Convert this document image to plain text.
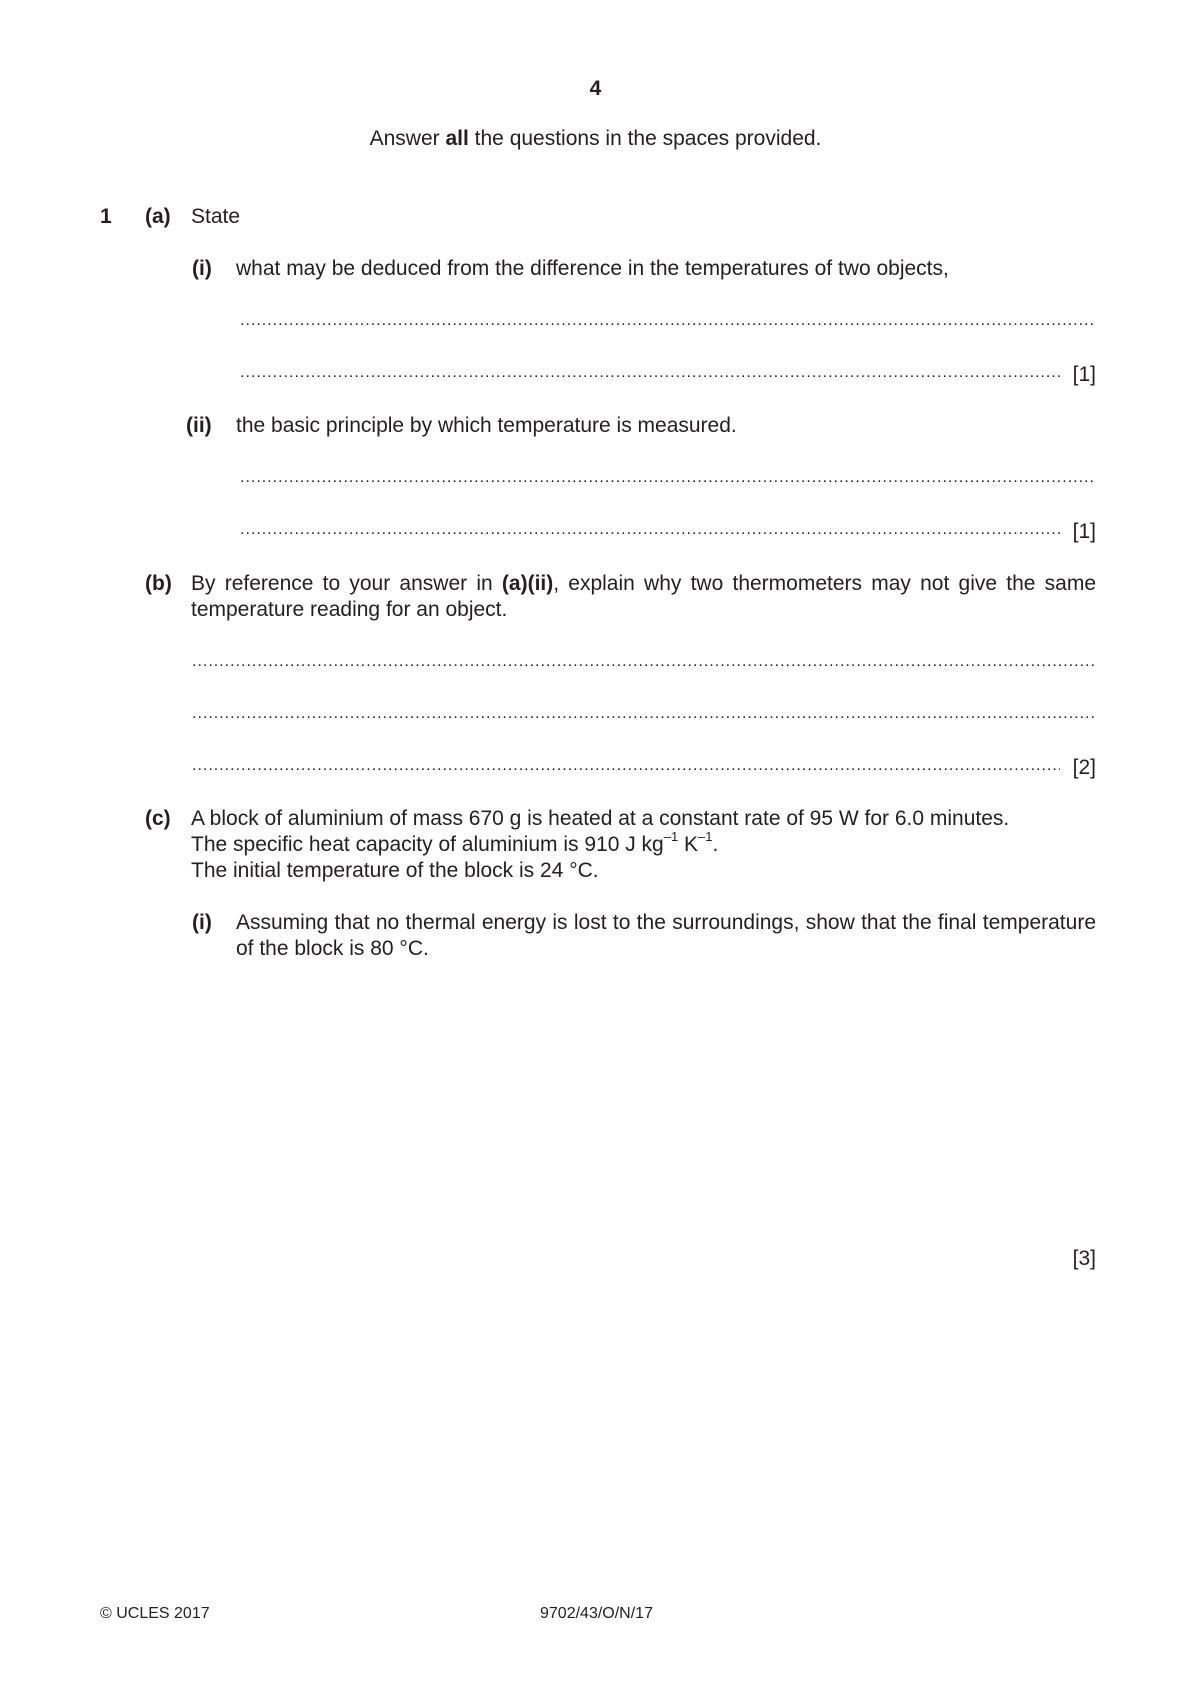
4
Answer all the questions in the spaces provided.
1 (a) State
(i) what may be deduced from the difference in the temperatures of two objects,
.....
.....
[1]
(ii) the basic principle by which temperature is measured.
.....
.....
[1]
(b) By reference to your answer in (a)(ii), explain why two thermometers may not give the same temperature reading for an object.
.....
.....
.....
[2]
(c) A block of aluminium of mass 670 g is heated at a constant rate of 95 W for 6.0 minutes.
The specific heat capacity of aluminium is 910 J $kg^{-1}$ $K^{-1}$.
The initial temperature of the block is 24 °C.
(i) Assuming that no thermal energy is lost to the surroundings, show that the final temperature of the block is 80 °C.
[3]
© UCLES 2017	9702/43/O/N/17
